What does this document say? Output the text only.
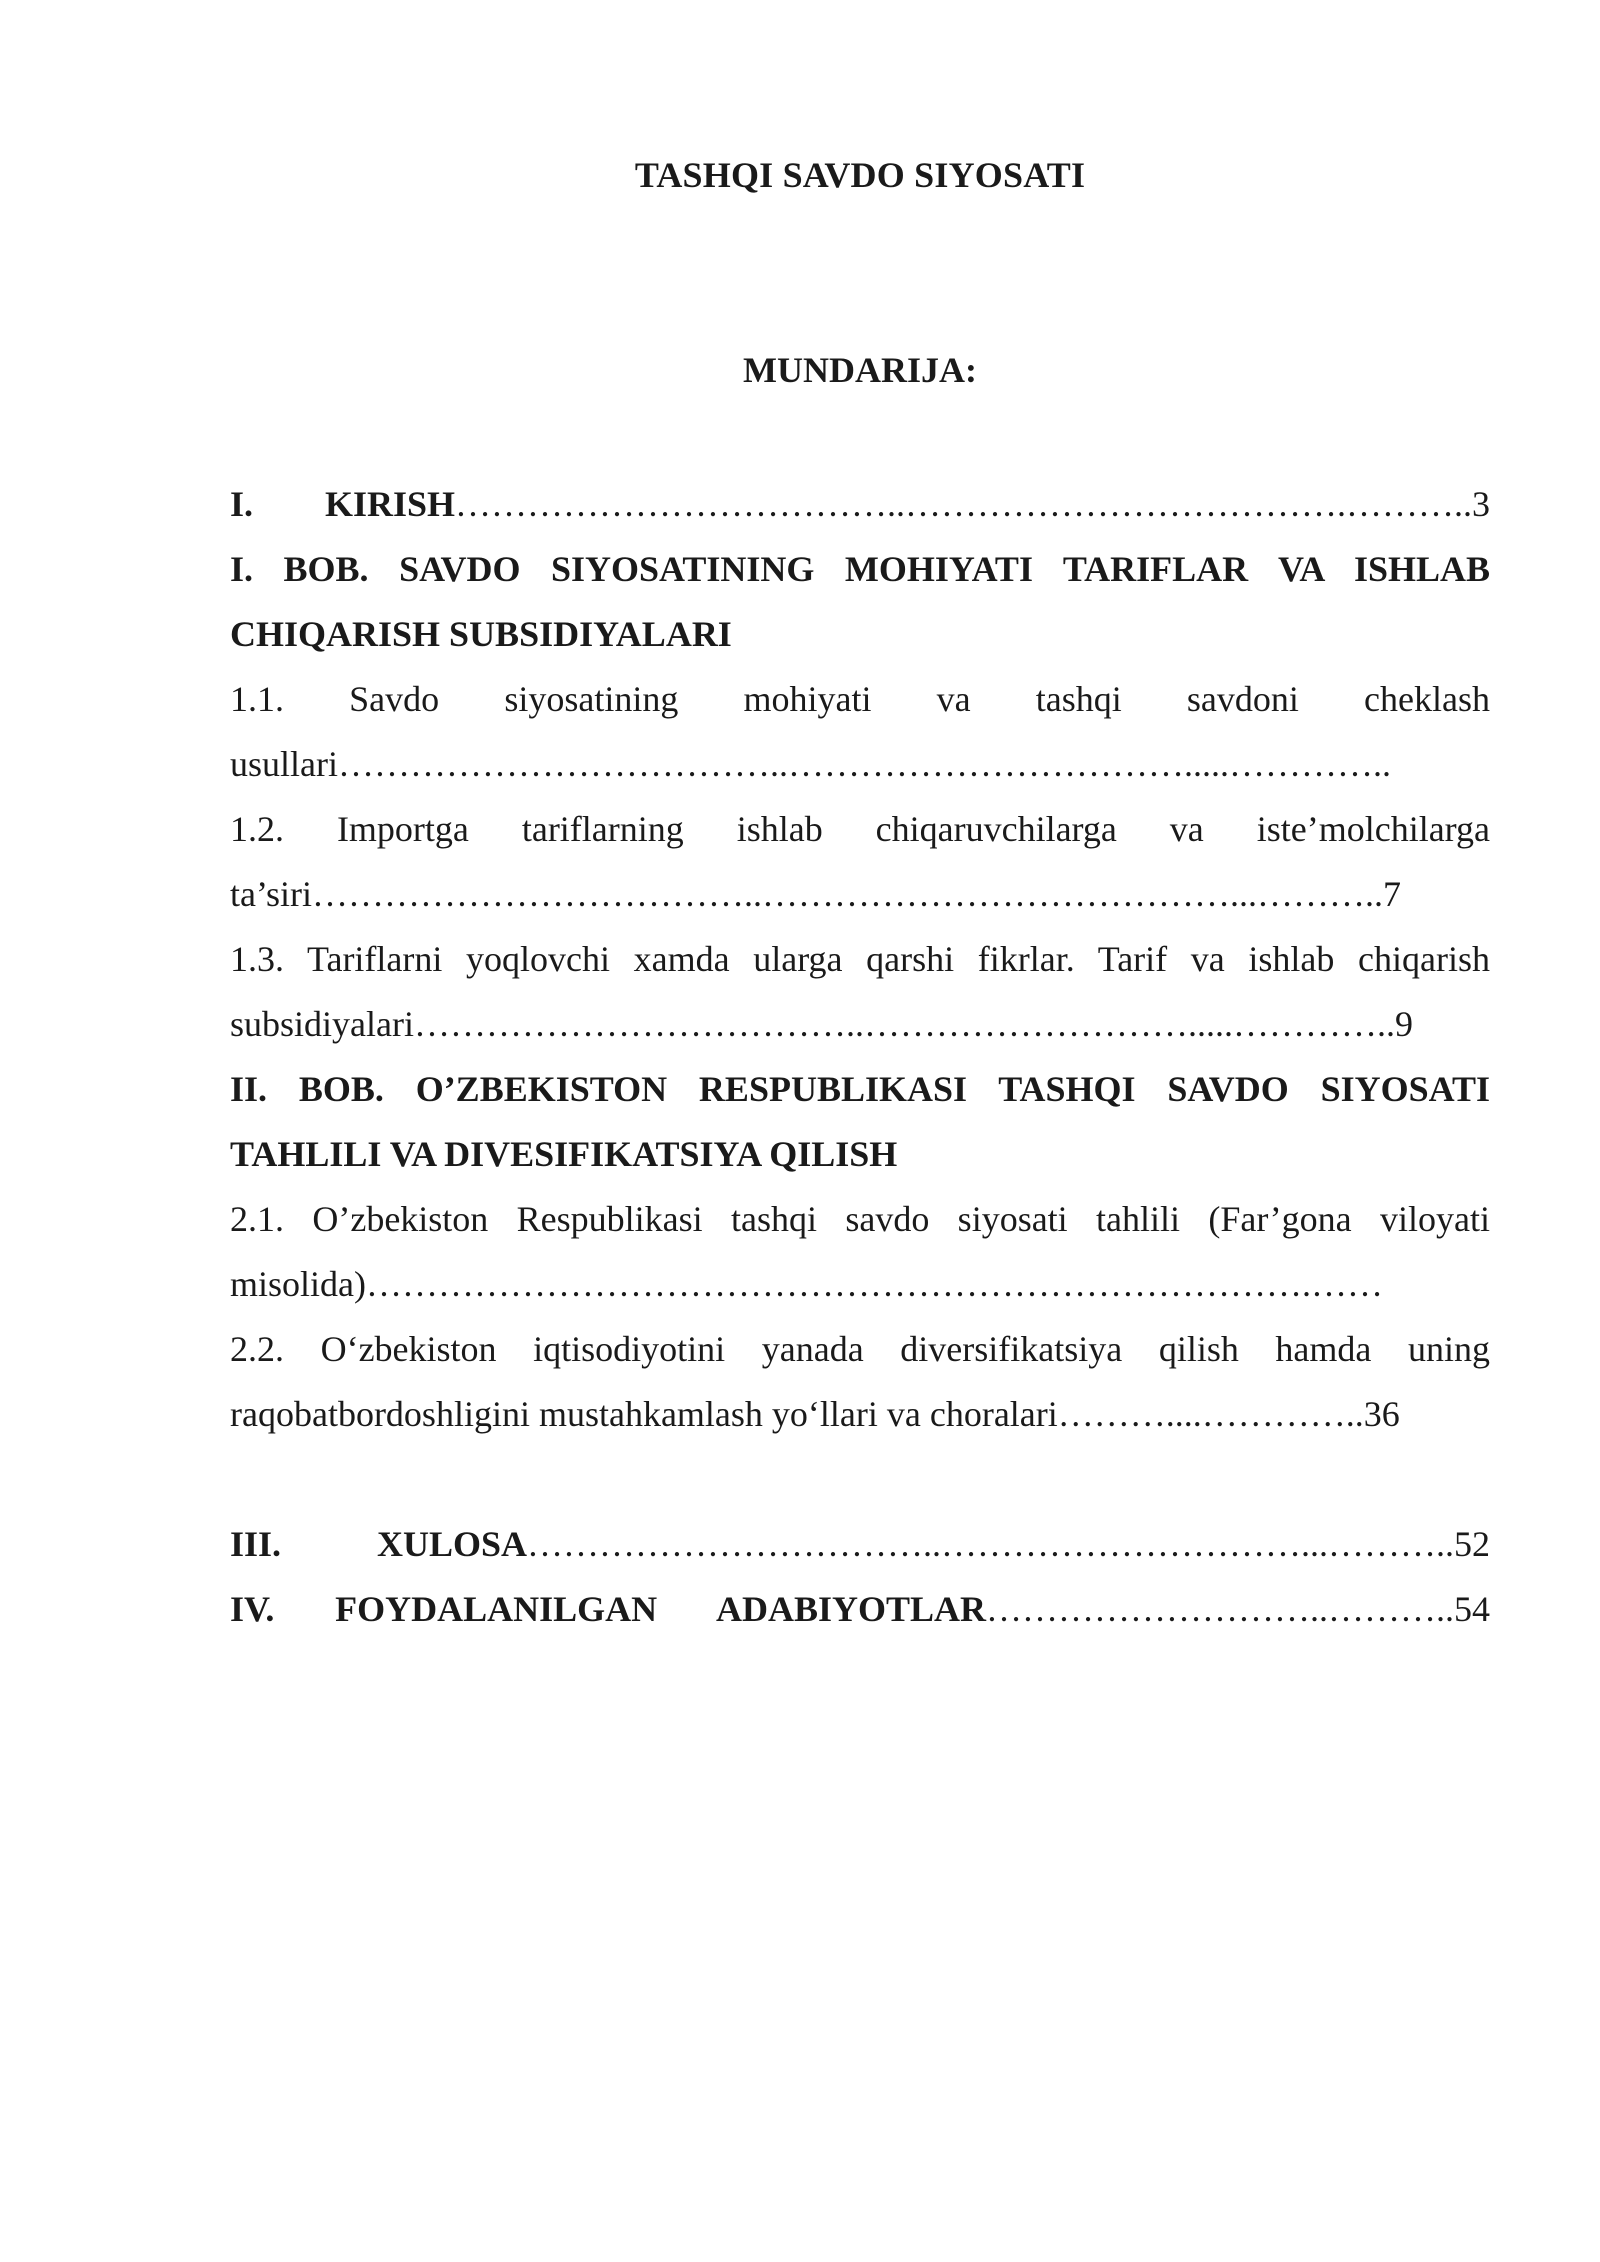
TASHQI SAVDO SIYOSATI
MUNDARIJA:
I. KIRISH………………………………..……………………………….………..3
I. BOB. SAVDO SIYOSATINING MOHIYATI TARIFLAR VA ISHLAB CHIQARISH SUBSIDIYALARI
1.1. Savdo siyosatining mohiyati va tashqi savdoni cheklash usullari………………………………..…………………………….....…………..
1.2. Importga tariflarning ishlab chiqaruvchilarga va iste’molchilarga ta’siri………………………………..…………………………………...………..7
1.3. Tariflarni yoqlovchi xamda ularga qarshi fikrlar. Tarif va ishlab chiqarish subsidiyalari………………………………..……………………….....…………..9
II. BOB. O’ZBEKISTON RESPUBLIKASI TASHQI SAVDO SIYOSATI TAHLILI VA DIVESIFIKATSIYA QILISH
2.1. O’zbekiston Respublikasi tashqi savdo siyosati tahlili (Far’gona viloyati misolida)…………………………………………………………………….……
2.2. O‘zbekiston iqtisodiyotini yanada diversifikatsiya qilish hamda uning raqobatbordoshligini mustahkamlash yo‘llari va choralari………....…………..36
III. XULOSA……………………………..…………………………...………..52
IV. FOYDALANILGAN ADABIYOTLAR………………………..………..54
